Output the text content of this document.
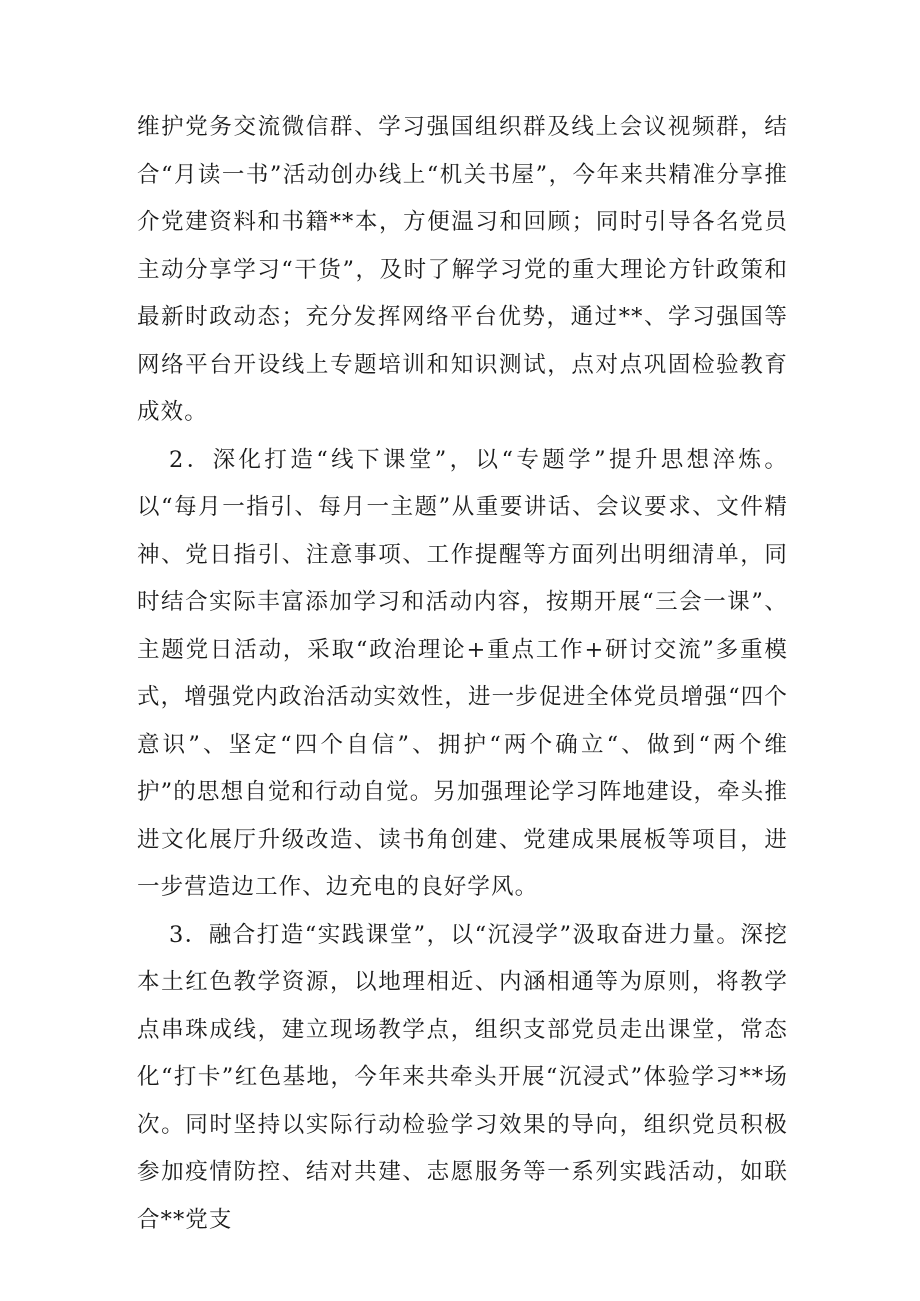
维护党务交流微信群、学习强国组织群及线上会议视频群，结合“月读一书”活动创办线上“机关书屋”，今年来共精准分享推介党建资料和书籍**本，方便温习和回顾；同时引导各名党员主动分享学习“干货”，及时了解学习党的重大理论方针政策和最新时政动态；充分发挥网络平台优势，通过**、学习强国等网络平台开设线上专题培训和知识测试，点对点巩固检验教育成效。

2．深化打造“线下课堂”，以“专题学”提升思想淬炼。以“每月一指引、每月一主题”从重要讲话、会议要求、文件精神、党日指引、注意事项、工作提醒等方面列出明细清单，同时结合实际丰富添加学习和活动内容，按期开展“三会一课”、主题党日活动，采取“政治理论+重点工作+研讨交流”多重模式，增强党内政治活动实效性，进一步促进全体党员增强“四个意识”、坚定“四个自信”、拥护“两个确立“、做到“两个维护”的思想自觉和行动自觉。另加强理论学习阵地建设，牵头推进文化展厅升级改造、读书角创建、党建成果展板等项目，进一步营造边工作、边充电的良好学风。

3．融合打造“实践课堂”，以“沉浸学”汲取奋进力量。深挖本土红色教学资源，以地理相近、内涵相通等为原则，将教学点串珠成线，建立现场教学点，组织支部党员走出课堂，常态化“打卡”红色基地，今年来共牵头开展“沉浸式”体验学习**场次。同时坚持以实际行动检验学习效果的导向，组织党员积极参加疫情防控、结对共建、志愿服务等一系列实践活动，如联合**党支
